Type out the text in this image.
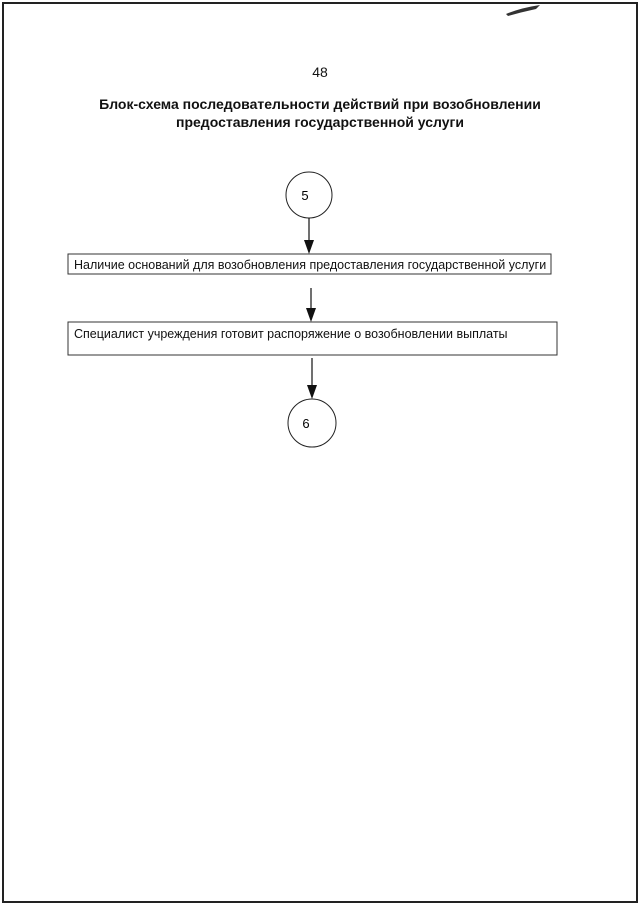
48
Блок-схема последовательности действий при возобновлении
предоставления государственной услуги
5
6
Наличие оснований для возобновления предоставления государственной услуги
Специалист учреждения готовит распоряжение о возобновлении выплаты
